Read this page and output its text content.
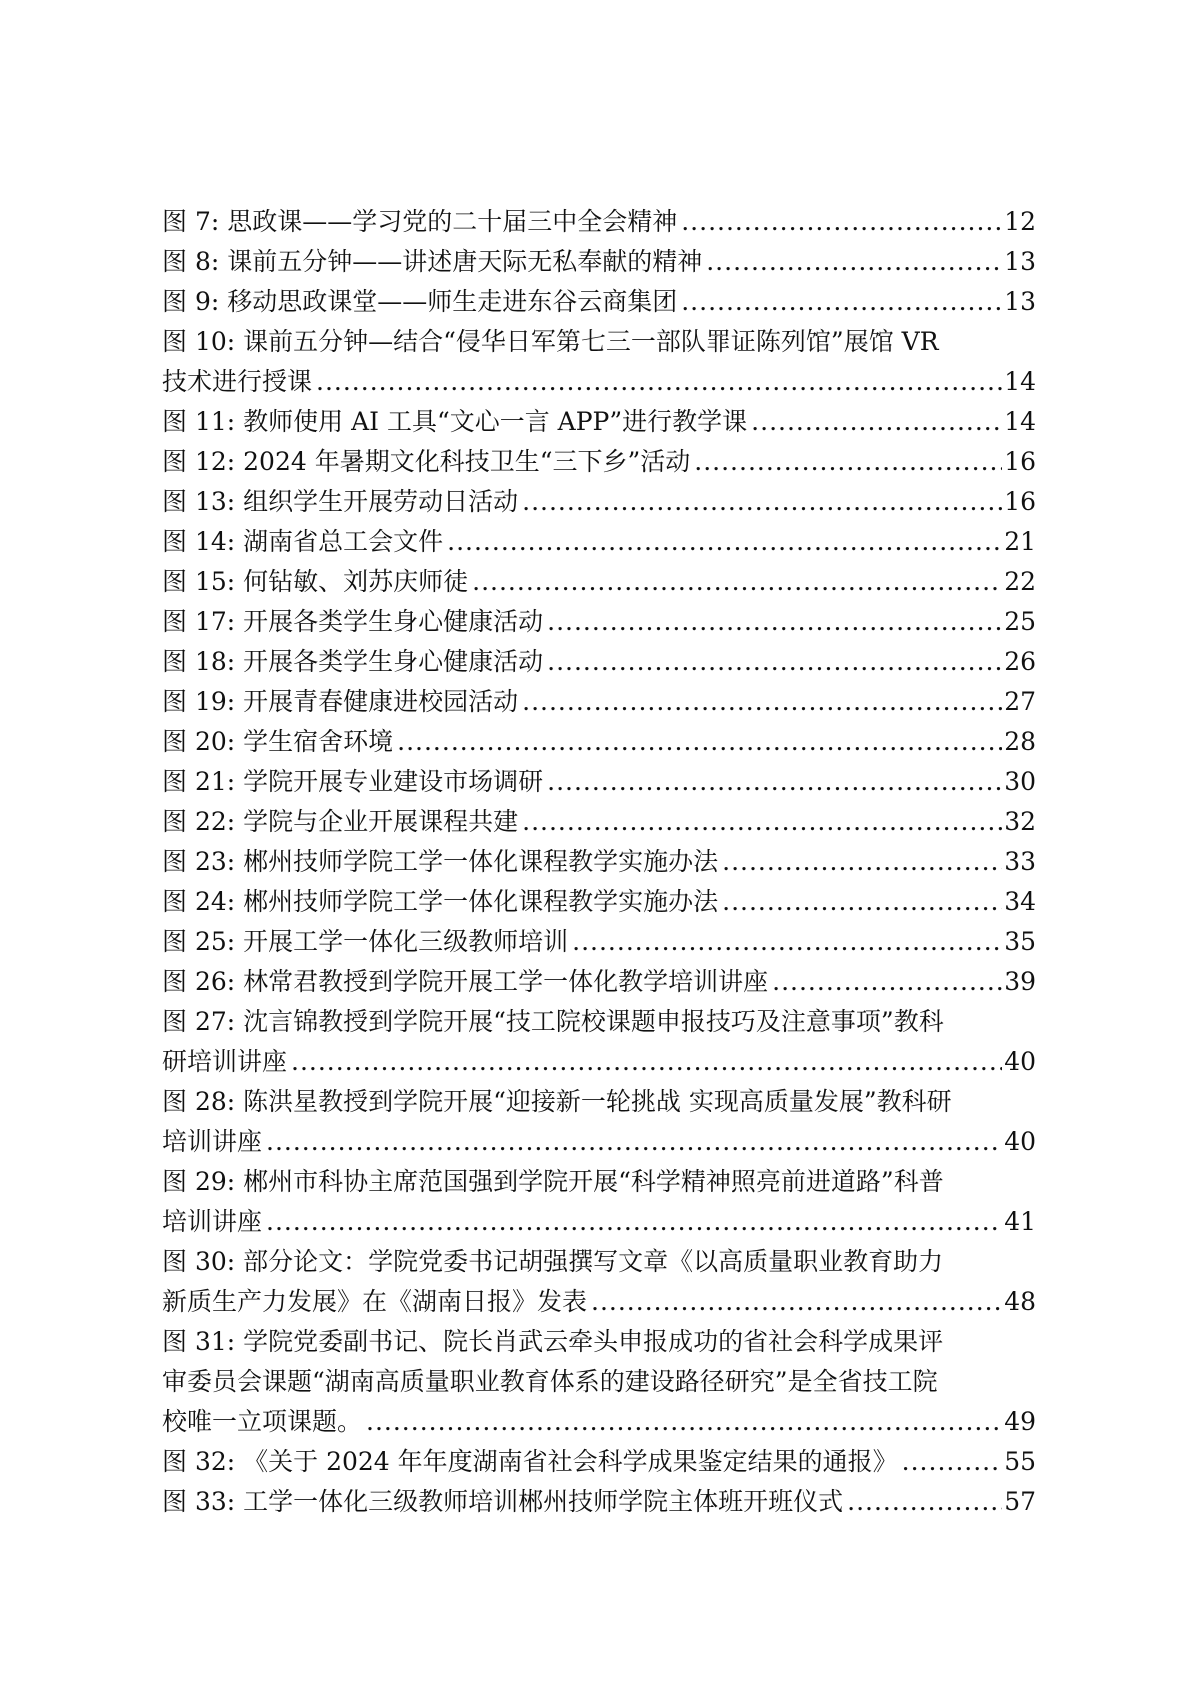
图 7: 思政课——学习党的二十届三中全会精神 .....	12
图 8: 课前五分钟——讲述唐天际无私奉献的精神 .....	13
图 9: 移动思政课堂——师生走进东谷云商集团 .....	13
图 10: 课前五分钟—结合“侵华日军第七三一部队罪证陈列馆”展馆 VR
技术进行授课 .....	14
图 11: 教师使用 AI 工具“文心一言 APP”进行教学课 .....	14
图 12: 2024 年暑期文化科技卫生“三下乡”活动 .....	16
图 13: 组织学生开展劳动日活动 .....	16
图 14: 湖南省总工会文件 .....	21
图 15: 何钻敏、刘苏庆师徒 .....	22
图 17: 开展各类学生身心健康活动 .....	25
图 18: 开展各类学生身心健康活动 .....	26
图 19: 开展青春健康进校园活动 .....	27
图 20: 学生宿舍环境 .....	28
图 21: 学院开展专业建设市场调研 .....	30
图 22: 学院与企业开展课程共建 .....	32
图 23: 郴州技师学院工学一体化课程教学实施办法 .....	33
图 24: 郴州技师学院工学一体化课程教学实施办法 .....	34
图 25: 开展工学一体化三级教师培训 .....	35
图 26: 林常君教授到学院开展工学一体化教学培训讲座 .....	39
图 27: 沈言锦教授到学院开展“技工院校课题申报技巧及注意事项”教科
研培训讲座 .....	40
图 28: 陈洪星教授到学院开展“迎接新一轮挑战 实现高质量发展”教科研
培训讲座 .....	40
图 29: 郴州市科协主席范国强到学院开展“科学精神照亮前进道路”科普
培训讲座 .....	41
图 30: 部分论文：学院党委书记胡强撰写文章《以高质量职业教育助力
新质生产力发展》在《湖南日报》发表 .....	48
图 31: 学院党委副书记、院长肖武云牵头申报成功的省社会科学成果评
审委员会课题“湖南高质量职业教育体系的建设路径研究”是全省技工院
校唯一立项课题。 .....	49
图 32: 《关于 2024 年年度湖南省社会科学成果鉴定结果的通报》 .....	55
图 33: 工学一体化三级教师培训郴州技师学院主体班开班仪式 .....	57
